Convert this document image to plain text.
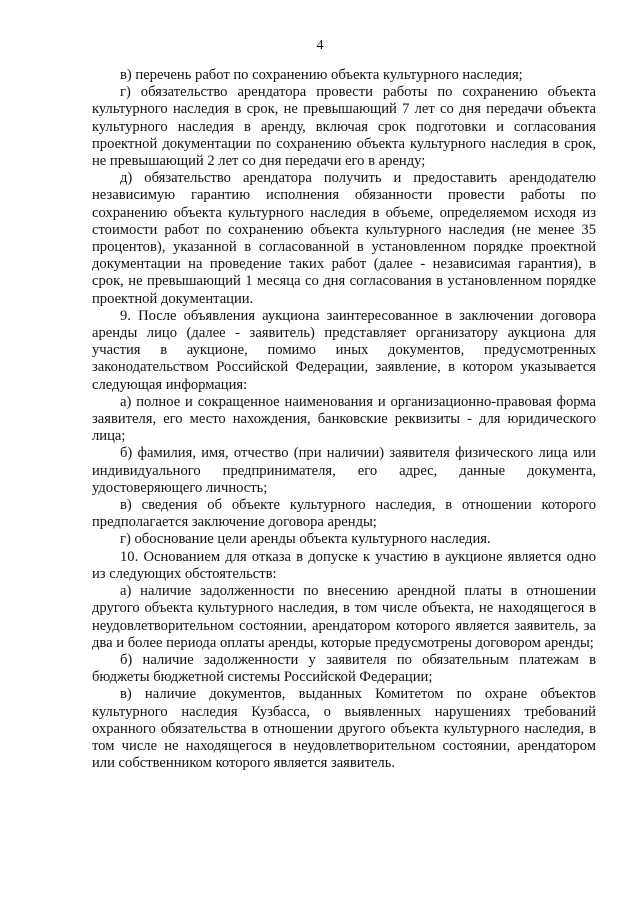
4

в) перечень работ по сохранению объекта культурного наследия;

г) обязательство арендатора провести работы по сохранению объекта культурного наследия в срок, не превышающий 7 лет со дня передачи объекта культурного наследия в аренду, включая срок подготовки и согласования проектной документации по сохранению объекта культурного наследия в срок, не превышающий 2 лет со дня передачи его в аренду;

д) обязательство арендатора получить и предоставить арендодателю независимую гарантию исполнения обязанности провести работы по сохранению объекта культурного наследия в объеме, определяемом исходя из стоимости работ по сохранению объекта культурного наследия (не менее 35 процентов), указанной в согласованной в установленном порядке проектной документации на проведение таких работ (далее - независимая гарантия), в срок, не превышающий 1 месяца со дня согласования в установленном порядке проектной документации.

9. После объявления аукциона заинтересованное в заключении договора аренды лицо (далее - заявитель) представляет организатору аукциона для участия в аукционе, помимо иных документов, предусмотренных законодательством Российской Федерации, заявление, в котором указывается следующая информация:

а) полное и сокращенное наименования и организационно-правовая форма заявителя, его место нахождения, банковские реквизиты - для юридического лица;

б) фамилия, имя, отчество (при наличии) заявителя физического лица или индивидуального предпринимателя, его адрес, данные документа, удостоверяющего личность;

в) сведения об объекте культурного наследия, в отношении которого предполагается заключение договора аренды;

г) обоснование цели аренды объекта культурного наследия.

10. Основанием для отказа в допуске к участию в аукционе является одно из следующих обстоятельств:

а) наличие задолженности по внесению арендной платы в отношении другого объекта культурного наследия, в том числе объекта, не находящегося в неудовлетворительном состоянии, арендатором которого является заявитель, за два и более периода оплаты аренды, которые предусмотрены договором аренды;

б) наличие задолженности у заявителя по обязательным платежам в бюджеты бюджетной системы Российской Федерации;

в) наличие документов, выданных Комитетом по охране объектов культурного наследия Кузбасса, о выявленных нарушениях требований охранного обязательства в отношении другого объекта культурного наследия, в том числе не находящегося в неудовлетворительном состоянии, арендатором или собственником которого является заявитель.
